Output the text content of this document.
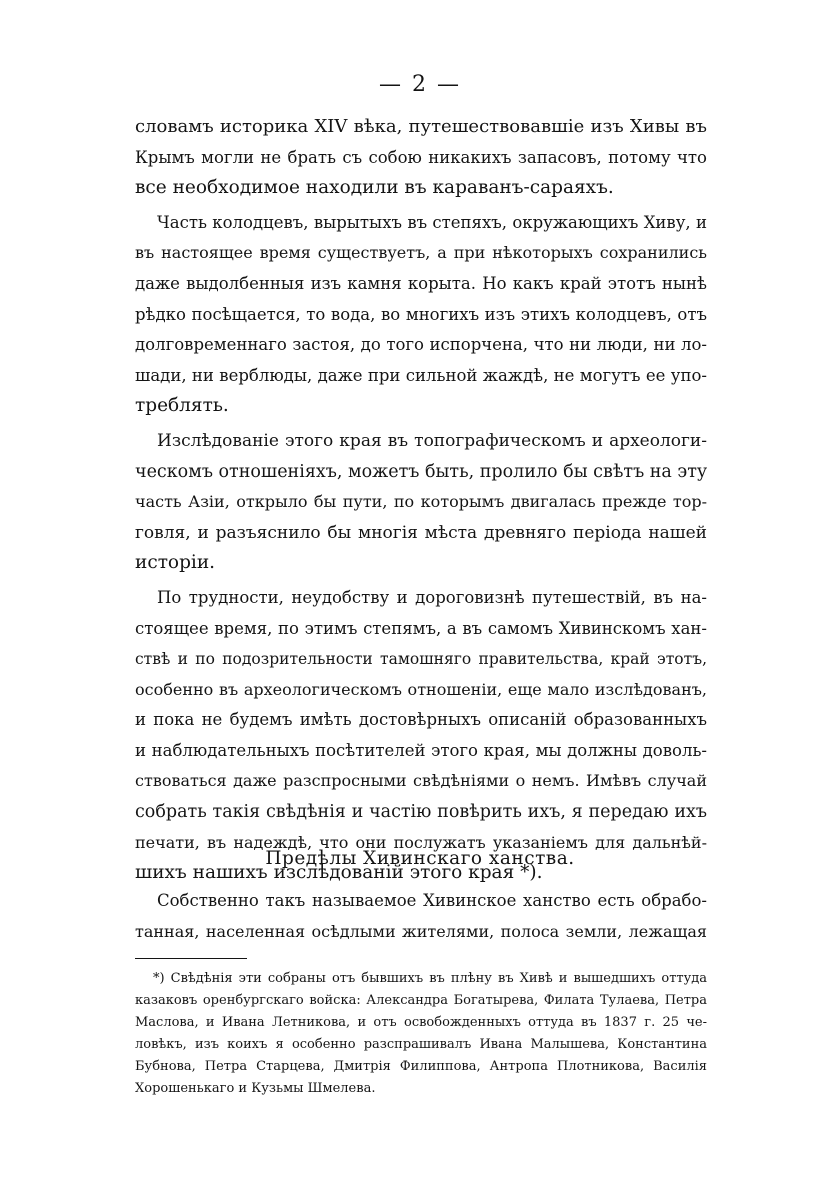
— 2 —
словамъ историка XIV вѣка, путешествовавшіе изъ Хивы въ
Крымъ могли не брать съ собою никакихъ запасовъ, потому что
все необходимое находили въ караванъ-сараяхъ.
Часть колодцевъ, вырытыхъ въ степяхъ, окружающихъ Хиву, и
въ настоящее время существуетъ, а при нѣкоторыхъ сохранились
даже выдолбенныя изъ камня корыта. Но какъ край этотъ нынѣ
рѣдко посѣщается, то вода, во многихъ изъ этихъ колодцевъ, отъ
долговременнаго застоя, до того испорчена, что ни люди, ни ло-
шади, ни верблюды, даже при сильной жаждѣ, не могутъ ее упо-
треблять.
Изслѣдованіе этого края въ топографическомъ и археологи-
ческомъ отношеніяхъ, можетъ быть, пролило бы свѣтъ на эту
часть Азіи, открыло бы пути, по которымъ двигалась прежде тор-
говля, и разъяснило бы многія мѣста древняго періода нашей
исторіи.
По трудности, неудобству и дороговизнѣ путешествій, въ на-
стоящее время, по этимъ степямъ, а въ самомъ Хивинскомъ хан-
ствѣ и по подозрительности тамошняго правительства, край этотъ,
особенно въ археологическомъ отношеніи, еще мало изслѣдованъ,
и пока не будемъ имѣть достовѣрныхъ описаній образованныхъ
и наблюдательныхъ посѣтителей этого края, мы должны доволь-
ствоваться даже разспросными свѣдѣніями о немъ. Имѣвъ случай
собрать такія свѣдѣнія и частію повѣрить ихъ, я передаю ихъ
печати, въ надеждѣ, что они послужатъ указаніемъ для дальнѣй-
шихъ нашихъ изслѣдованій этого края *).
Предѣлы Хивинскаго ханства.
Собственно такъ называемое Хивинское ханство есть обрабо-
танная, населенная осѣдлыми жителями, полоса земли, лежащая
*) Свѣдѣнія эти собраны отъ бывшихъ въ плѣну въ Хивѣ и вышедшихъ оттуда
казаковъ оренбургскаго войска: Александра Богатырева, Филата Тулаева, Петра
Маслова, и Ивана Летникова, и отъ освобожденныхъ оттуда въ 1837 г. 25 че-
ловѣкъ, изъ коихъ я особенно разспрашивалъ Ивана Малышева, Константина
Бубнова, Петра Старцева, Дмитрія Филиппова, Антропа Плотникова, Василія
Хорошенькаго и Кузьмы Шмелева.
